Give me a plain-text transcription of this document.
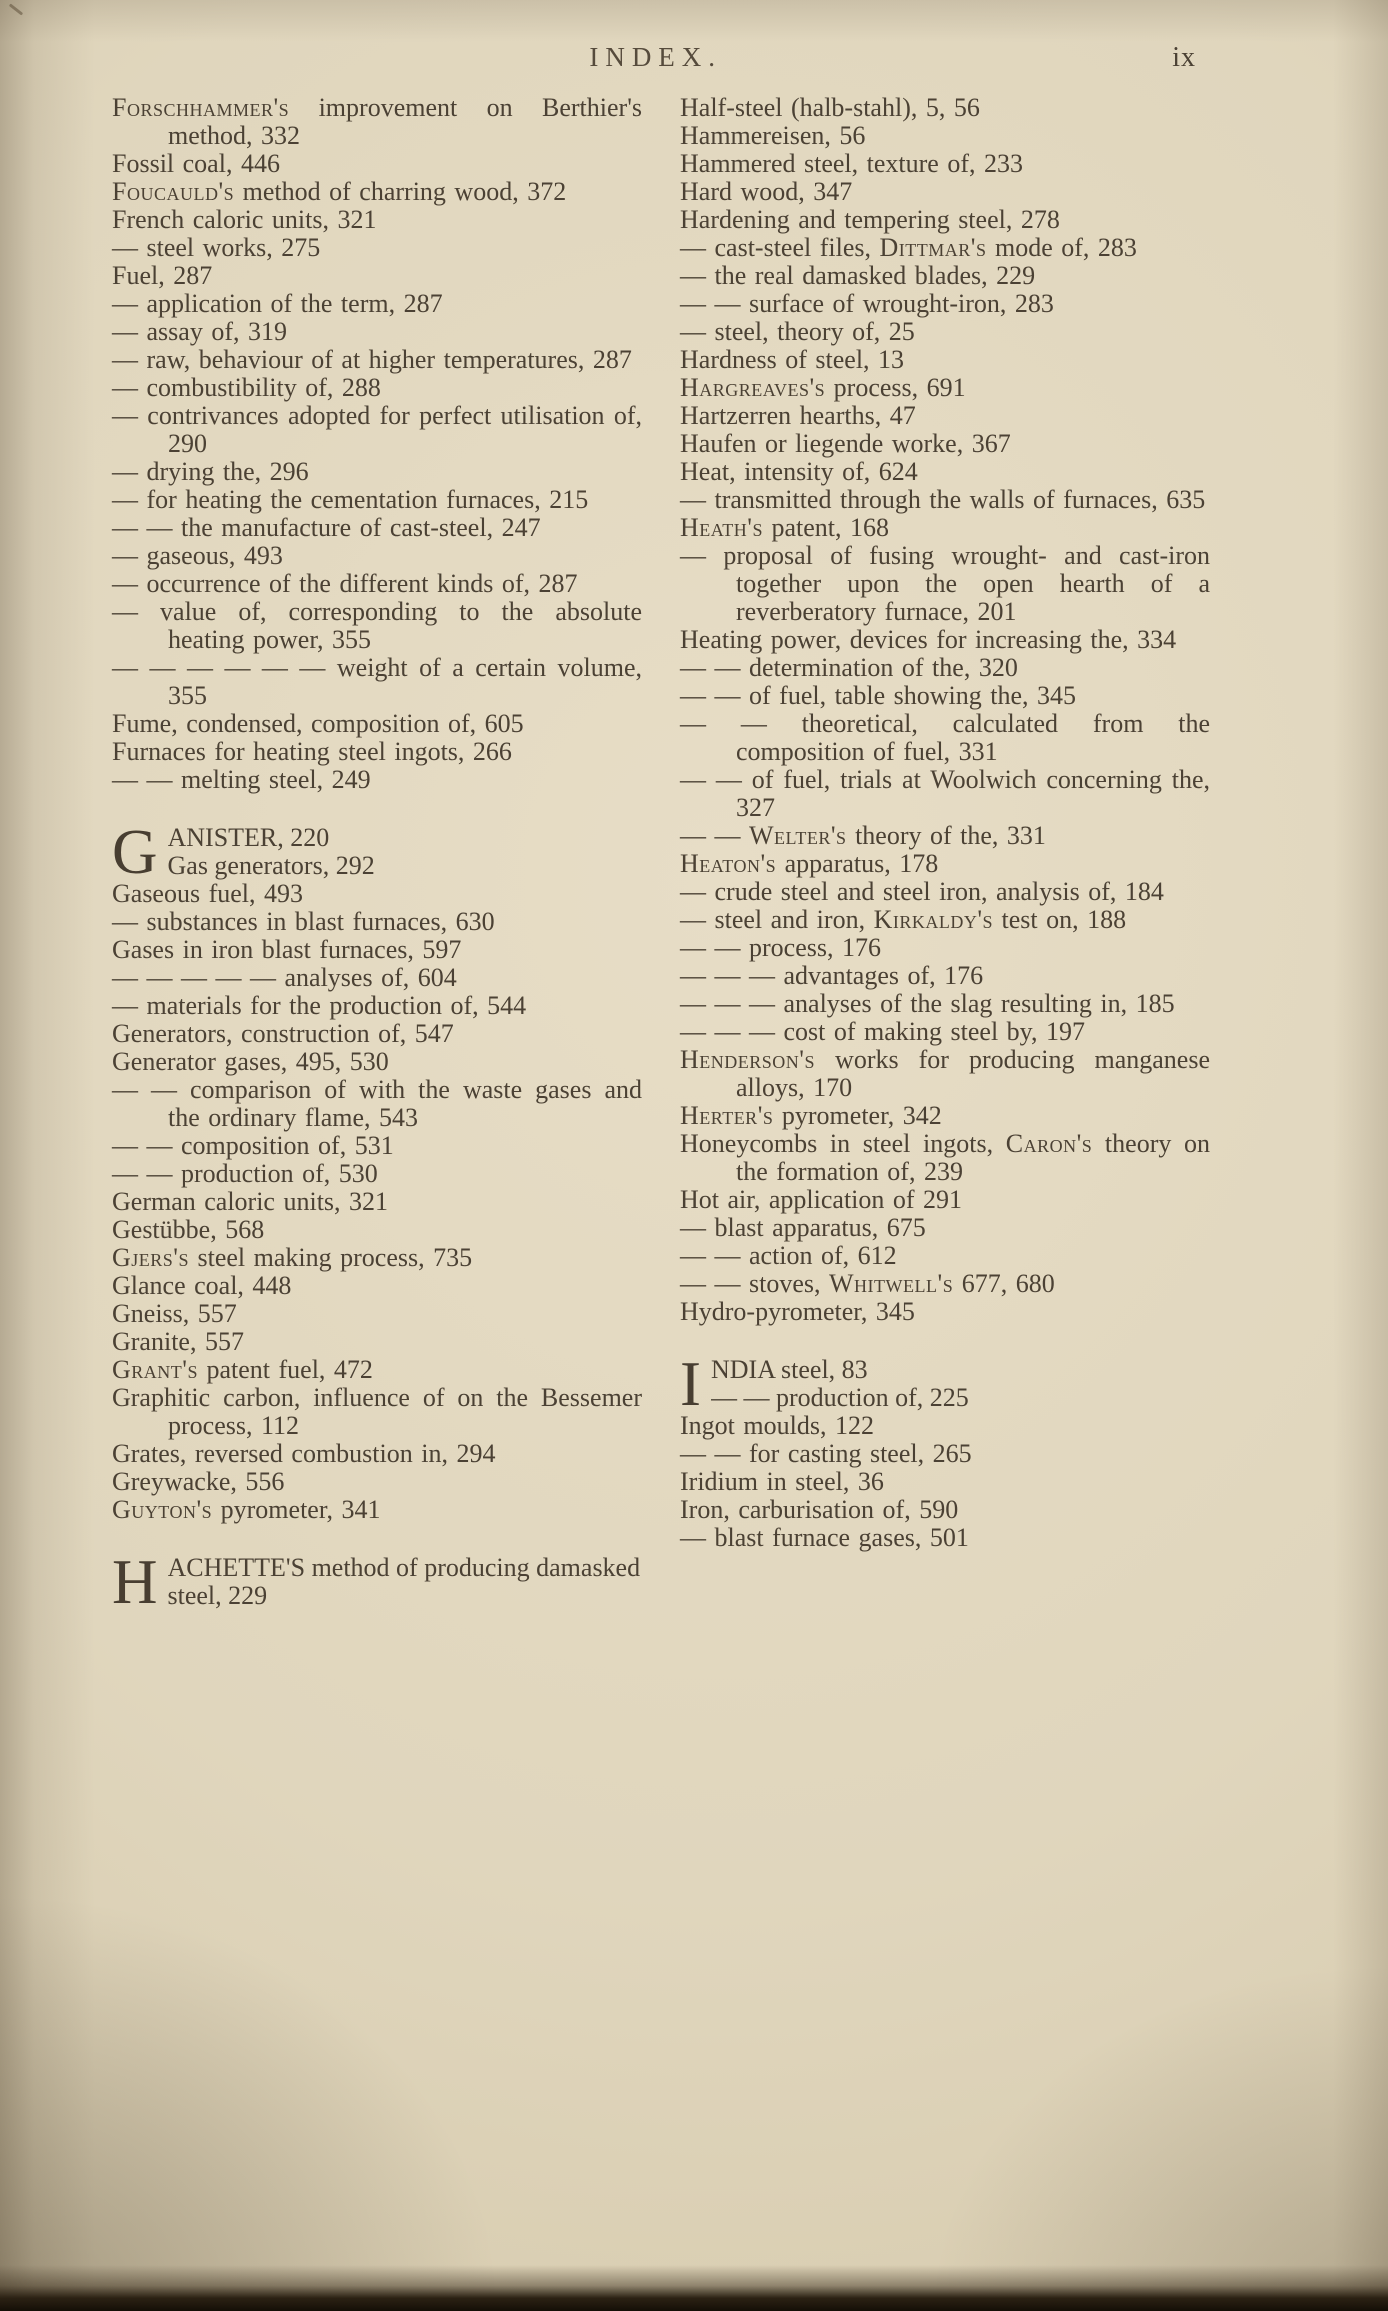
INDEX.	ix

Forschhammer's improvement on Berthier's method, 332

Fossil coal, 446

Foucauld's method of charring wood, 372

French caloric units, 321

— steel works, 275

Fuel, 287

— application of the term, 287

— assay of, 319

— raw, behaviour of at higher temperatures, 287

— combustibility of, 288

— contrivances adopted for perfect utilisation of, 290

— drying the, 296

— for heating the cementation furnaces, 215

— — the manufacture of cast-steel, 247

— gaseous, 493

— occurrence of the different kinds of, 287

— value of, corresponding to the absolute heating power, 355

— — — — — — weight of a certain volume, 355

Fume, condensed, composition of, 605

Furnaces for heating steel ingots, 266

— — melting steel, 249

G ANISTER, 220
Gas generators, 292

Gaseous fuel, 493

— substances in blast furnaces, 630

Gases in iron blast furnaces, 597

— — — — — analyses of, 604

— materials for the production of, 544

Generators, construction of, 547

Generator gases, 495, 530

— — comparison of with the waste gases and the ordinary flame, 543

— — composition of, 531

— — production of, 530

German caloric units, 321

Gestübbe, 568

Gjers's steel making process, 735

Glance coal, 448

Gneiss, 557

Granite, 557

Grant's patent fuel, 472

Graphitic carbon, influence of on the Bessemer process, 112

Grates, reversed combustion in, 294

Greywacke, 556

Guyton's pyrometer, 341

H ACHETTE'S method of producing damasked steel, 229

Half-steel (halb-stahl), 5, 56

Hammereisen, 56

Hammered steel, texture of, 233

Hard wood, 347

Hardening and tempering steel, 278

— cast-steel files, Dittmar's mode of, 283

— the real damasked blades, 229

— — surface of wrought-iron, 283

— steel, theory of, 25

Hardness of steel, 13

Hargreaves's process, 691

Hartzerren hearths, 47

Haufen or liegende worke, 367

Heat, intensity of, 624

— transmitted through the walls of furnaces, 635

Heath's patent, 168

— proposal of fusing wrought- and cast-iron together upon the open hearth of a reverberatory furnace, 201

Heating power, devices for increasing the, 334

— — determination of the, 320

— — of fuel, table showing the, 345

— — theoretical, calculated from the composition of fuel, 331

— — of fuel, trials at Woolwich concerning the, 327

— — Welter's theory of the, 331

Heaton's apparatus, 178

— crude steel and steel iron, analysis of, 184

— steel and iron, Kirkaldy's test on, 188

— — process, 176

— — — advantages of, 176

— — — analyses of the slag resulting in, 185

— — — cost of making steel by, 197

Henderson's works for producing manganese alloys, 170

Herter's pyrometer, 342

Honeycombs in steel ingots, Caron's theory on the formation of, 239

Hot air, application of 291

— blast apparatus, 675

— — action of, 612

— — stoves, Whitwell's 677, 680

Hydro-pyrometer, 345

I NDIA steel, 83
— — production of, 225

Ingot moulds, 122

— — for casting steel, 265

Iridium in steel, 36

Iron, carburisation of, 590

— blast furnace gases, 501
